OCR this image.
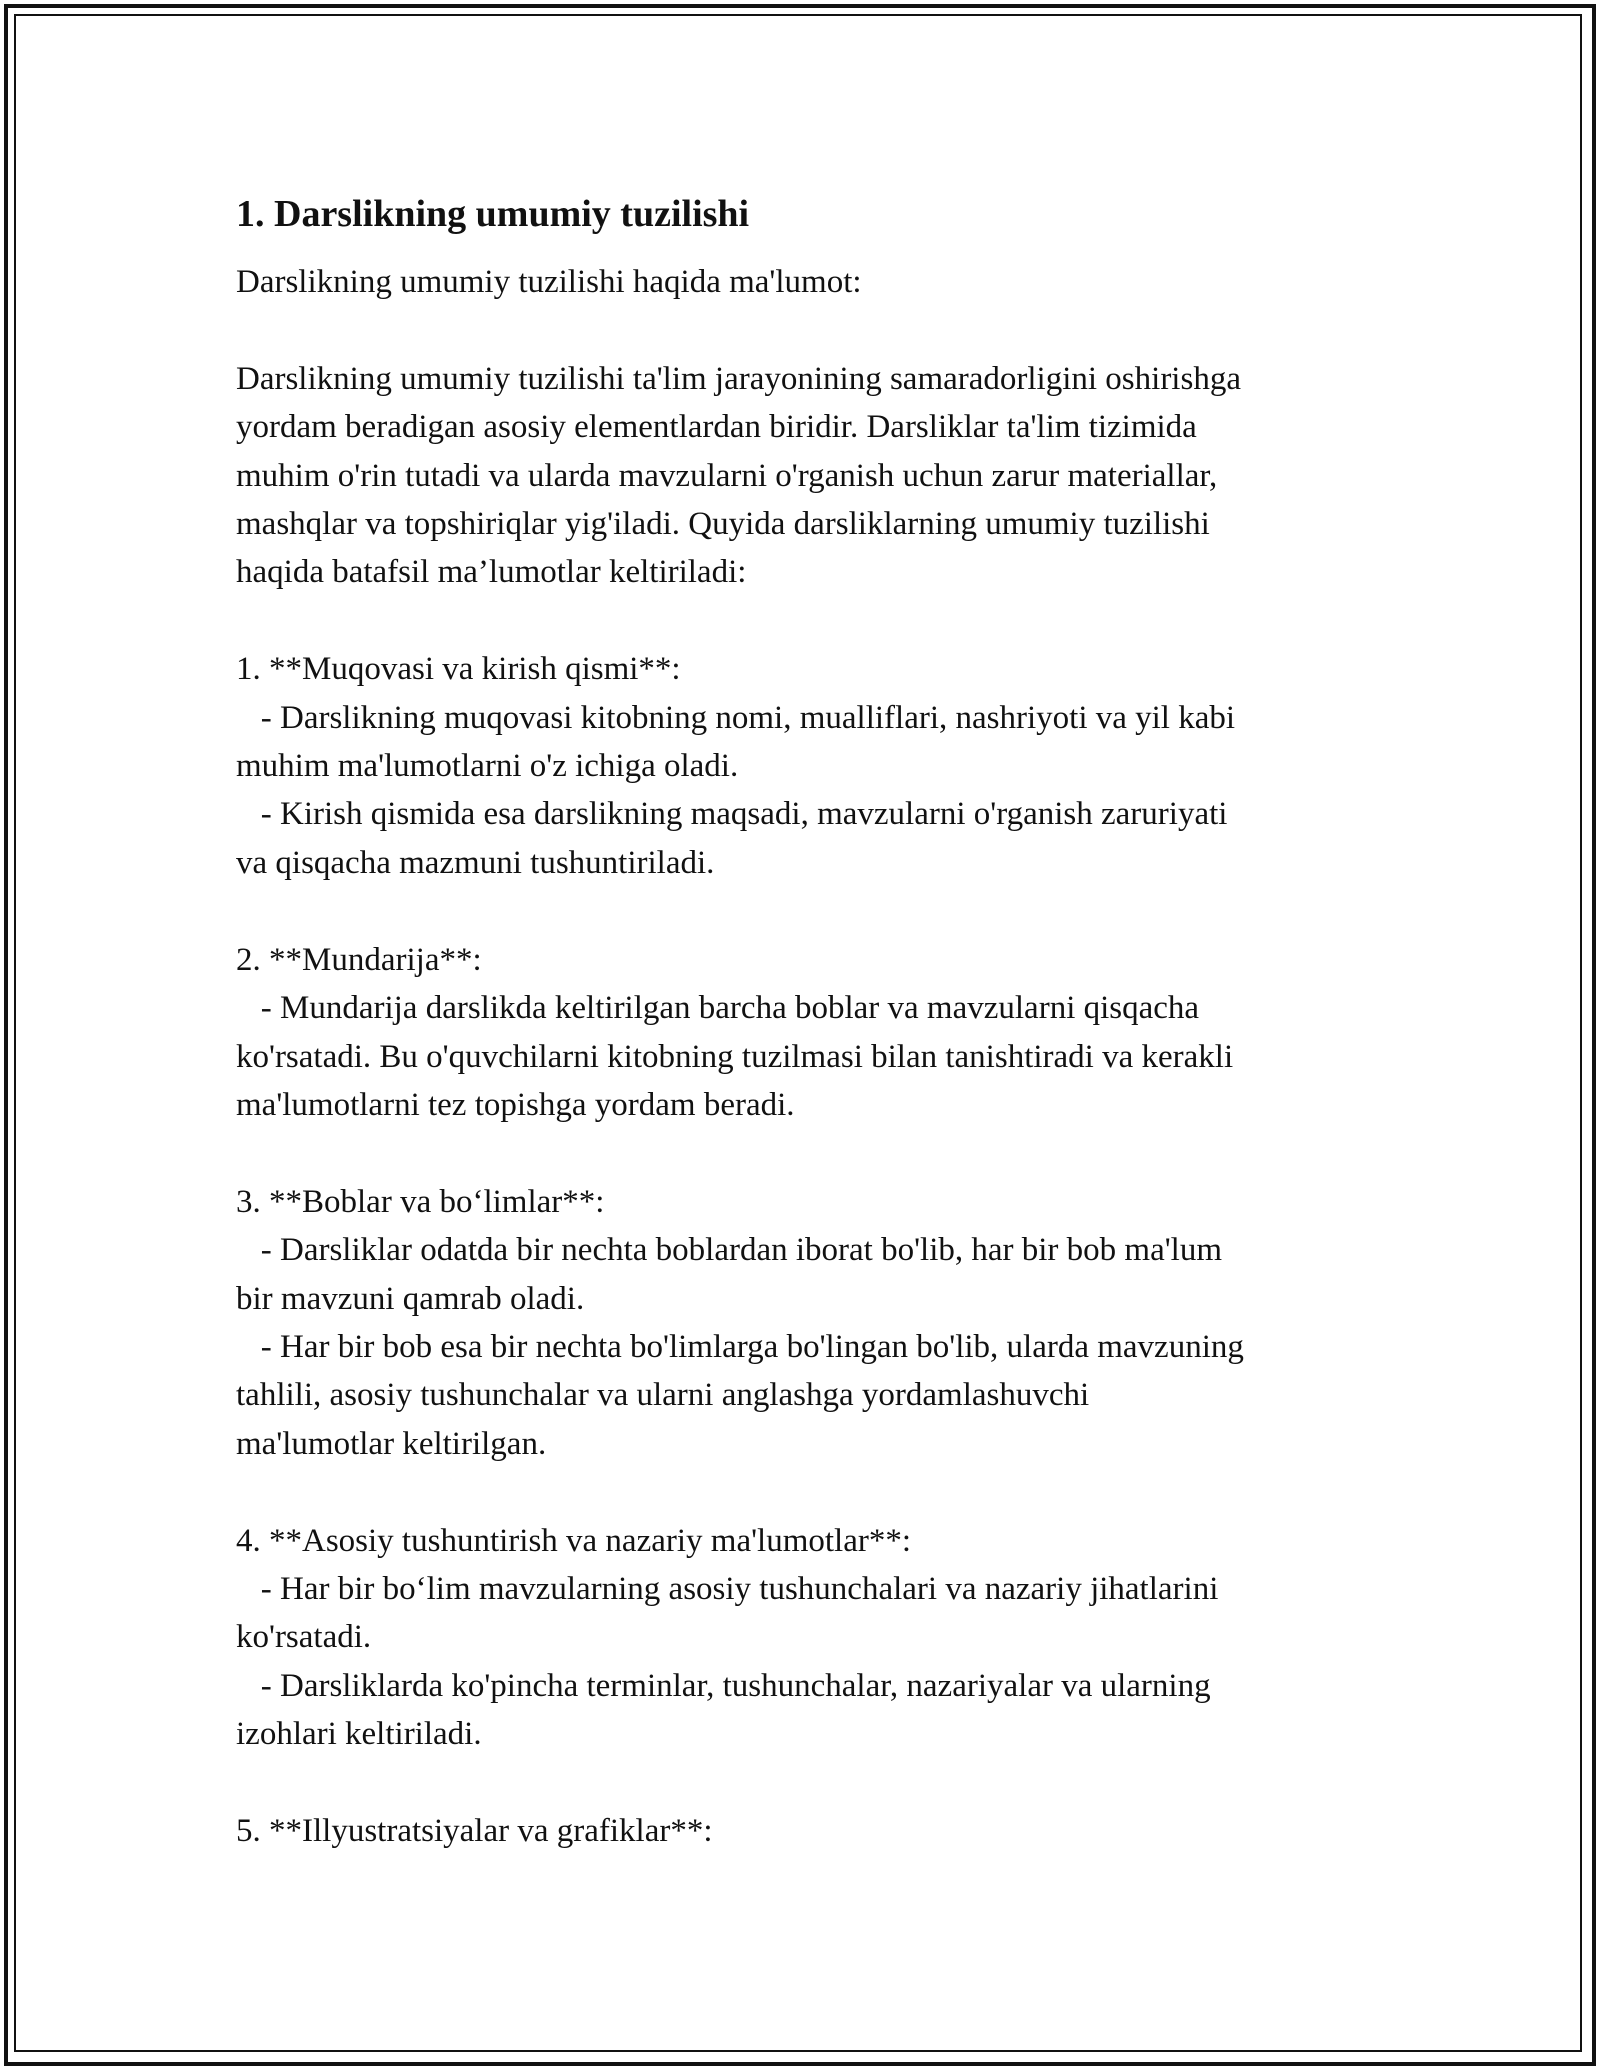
1. Darslikning umumiy tuzilishi

Darslikning umumiy tuzilishi haqida ma'lumot:

Darslikning umumiy tuzilishi ta'lim jarayonining samaradorligini oshirishga
yordam beradigan asosiy elementlardan biridir. Darsliklar ta'lim tizimida
muhim o'rin tutadi va ularda mavzularni o'rganish uchun zarur materiallar,
mashqlar va topshiriqlar yig'iladi. Quyida darsliklarning umumiy tuzilishi
haqida batafsil ma’lumotlar keltiriladi:

1. **Muqovasi va kirish qismi**:
- Darslikning muqovasi kitobning nomi, mualliflari, nashriyoti va yil kabi
muhim ma'lumotlarni o'z ichiga oladi.
- Kirish qismida esa darslikning maqsadi, mavzularni o'rganish zaruriyati
va qisqacha mazmuni tushuntiriladi.

2. **Mundarija**:
- Mundarija darslikda keltirilgan barcha boblar va mavzularni qisqacha
ko'rsatadi. Bu o'quvchilarni kitobning tuzilmasi bilan tanishtiradi va kerakli
ma'lumotlarni tez topishga yordam beradi.

3. **Boblar va bo‘limlar**:
- Darsliklar odatda bir nechta boblardan iborat bo'lib, har bir bob ma'lum
bir mavzuni qamrab oladi.
- Har bir bob esa bir nechta bo'limlarga bo'lingan bo'lib, ularda mavzuning
tahlili, asosiy tushunchalar va ularni anglashga yordamlashuvchi
ma'lumotlar keltirilgan.

4. **Asosiy tushuntirish va nazariy ma'lumotlar**:
- Har bir bo‘lim mavzularning asosiy tushunchalari va nazariy jihatlarini
ko'rsatadi.
- Darsliklarda ko'pincha terminlar, tushunchalar, nazariyalar va ularning
izohlari keltiriladi.

5. **Illyustratsiyalar va grafiklar**:
